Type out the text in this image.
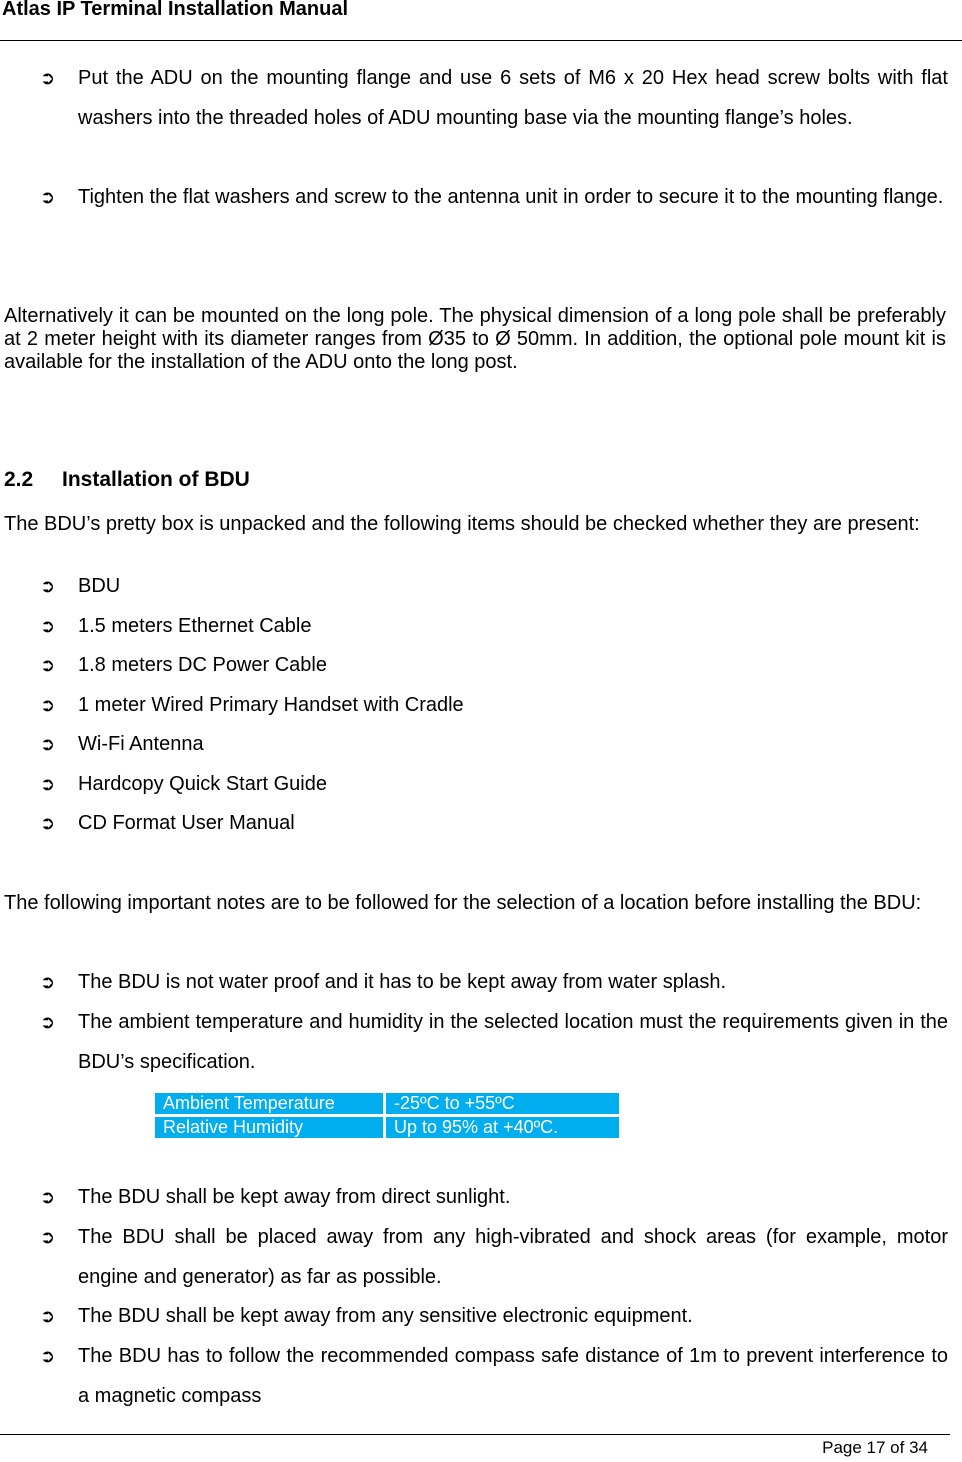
Atlas IP Terminal Installation Manual
➲	Put the ADU on the mounting flange and use 6 sets of M6 x 20 Hex head screw bolts with flat washers into the threaded holes of ADU mounting base via the mounting flange’s holes.
➲	Tighten the flat washers and screw to the antenna unit in order to secure it to the mounting flange.
Alternatively it can be mounted on the long pole. The physical dimension of a long pole shall be preferably at 2 meter height with its diameter ranges from Ø35 to Ø 50mm. In addition, the optional pole mount kit is available for the installation of the ADU onto the long post.
2.2 Installation of BDU
The BDU’s pretty box is unpacked and the following items should be checked whether they are present:
➲	BDU
➲	1.5 meters Ethernet Cable
➲	1.8 meters DC Power Cable
➲	1 meter Wired Primary Handset with Cradle
➲	Wi-Fi Antenna
➲	Hardcopy Quick Start Guide
➲	CD Format User Manual
The following important notes are to be followed for the selection of a location before installing the BDU:
➲	The BDU is not water proof and it has to be kept away from water splash.
➲	The ambient temperature and humidity in the selected location must the requirements given in the BDU’s specification.
Ambient Temperature	-25ºC to +55ºC
Relative Humidity	Up to 95% at +40ºC.
➲	The BDU shall be kept away from direct sunlight.
➲	The BDU shall be placed away from any high-vibrated and shock areas (for example, motor engine and generator) as far as possible.
➲	The BDU shall be kept away from any sensitive electronic equipment.
➲	The BDU has to follow the recommended compass safe distance of 1m to prevent interference to a magnetic compass
Page 17 of 34
